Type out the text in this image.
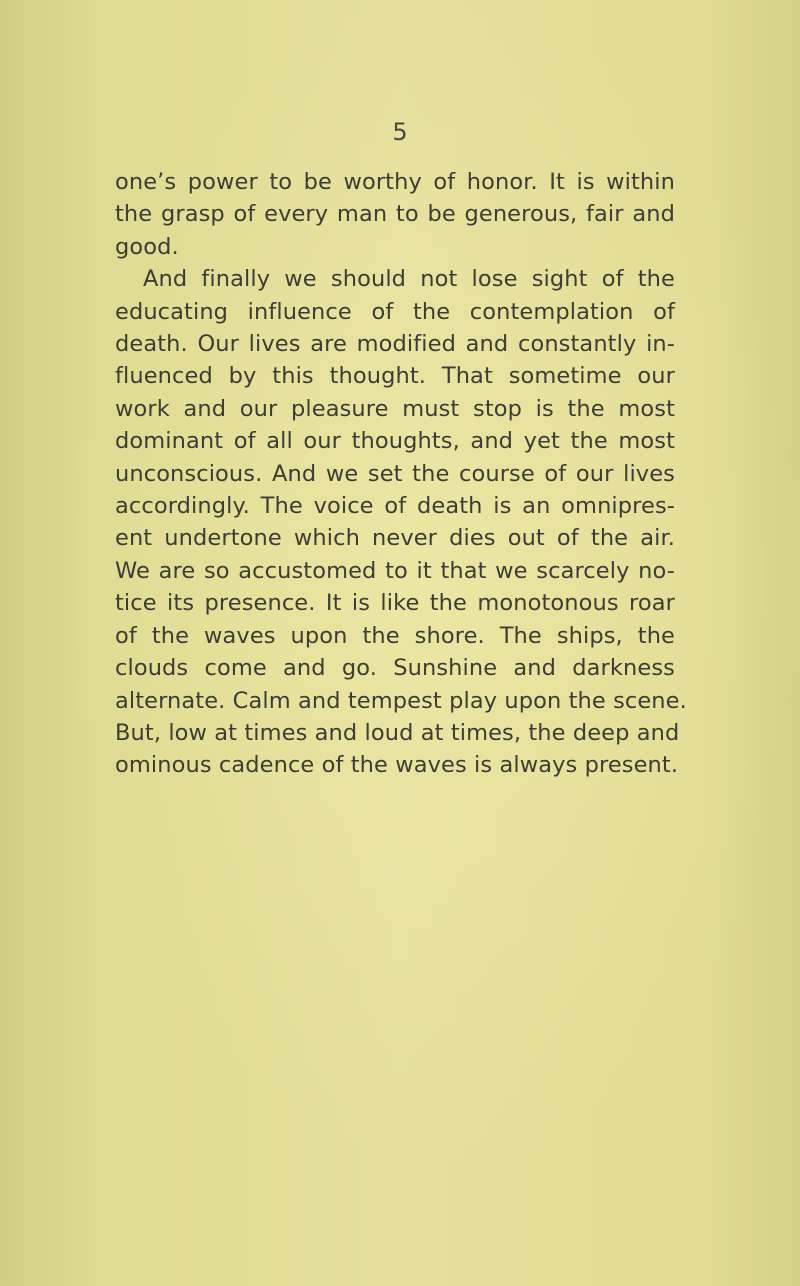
5
one’s power to be worthy of honor. It is within
the grasp of every man to be generous, fair and
good.
And finally we should not lose sight of the
educating influence of the contemplation of
death. Our lives are modified and constantly in-
fluenced by this thought. That sometime our
work and our pleasure must stop is the most
dominant of all our thoughts, and yet the most
unconscious. And we set the course of our lives
accordingly. The voice of death is an omnipres-
ent undertone which never dies out of the air.
We are so accustomed to it that we scarcely no-
tice its presence. It is like the monotonous roar
of the waves upon the shore. The ships, the
clouds come and go. Sunshine and darkness
alternate. Calm and tempest play upon the scene.
But, low at times and loud at times, the deep and
ominous cadence of the waves is always present.
